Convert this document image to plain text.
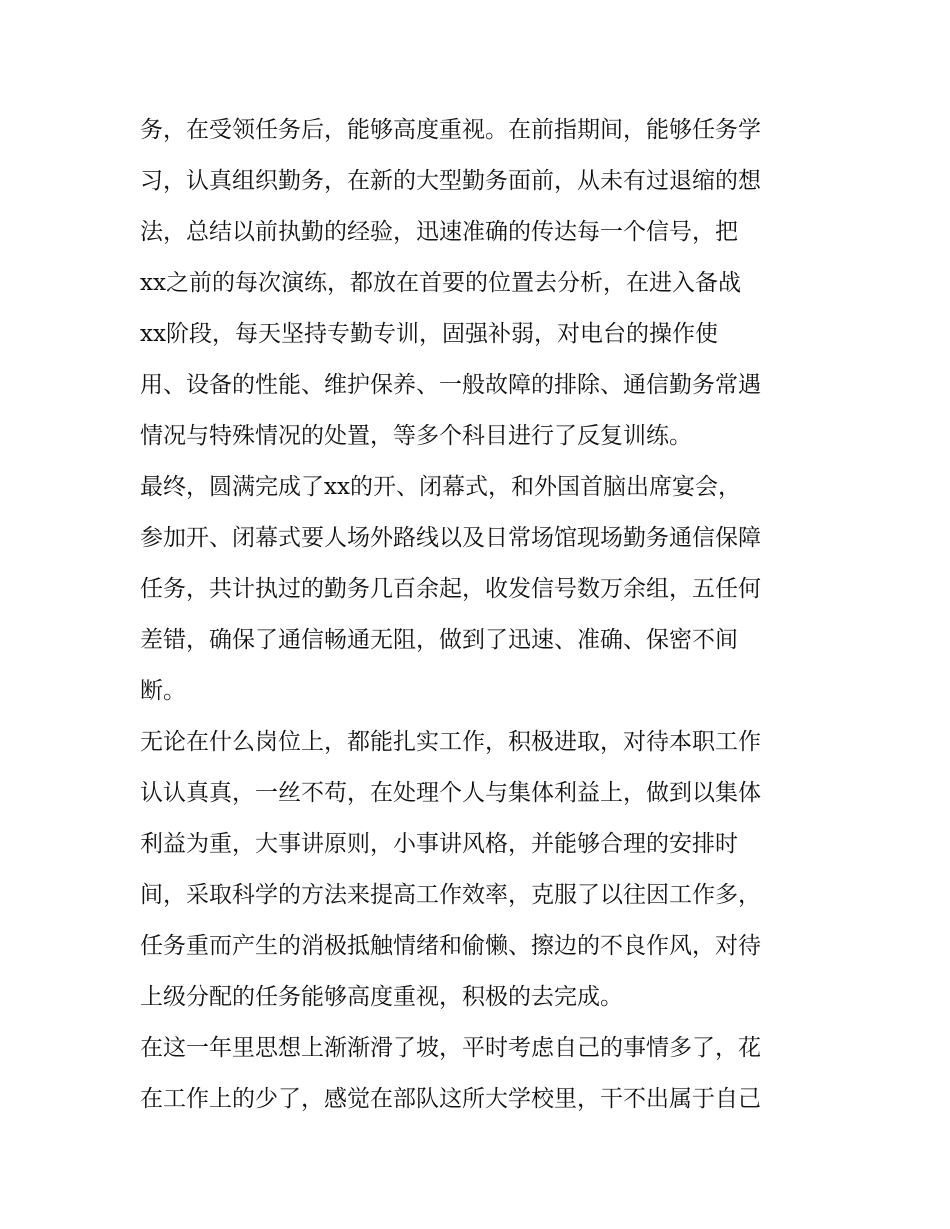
务，在受领任务后，能够高度重视。在前指期间，能够任务学
习，认真组织勤务，在新的大型勤务面前，从未有过退缩的想
法，总结以前执勤的经验，迅速准确的传达每一个信号，把
xx之前的每次演练，都放在首要的位置去分析，在进入备战
xx阶段，每天坚持专勤专训，固强补弱，对电台的操作使
用、设备的性能、维护保养、一般故障的排除、通信勤务常遇
情况与特殊情况的处置，等多个科目进行了反复训练。
最终，圆满完成了xx的开、闭幕式，和外国首脑出席宴会，
参加开、闭幕式要人场外路线以及日常场馆现场勤务通信保障
任务，共计执过的勤务几百余起，收发信号数万余组，五任何
差错，确保了通信畅通无阻，做到了迅速、准确、保密不间
断。
无论在什么岗位上，都能扎实工作，积极进取，对待本职工作
认认真真，一丝不苟，在处理个人与集体利益上，做到以集体
利益为重，大事讲原则，小事讲风格，并能够合理的安排时
间，采取科学的方法来提高工作效率，克服了以往因工作多，
任务重而产生的消极抵触情绪和偷懒、擦边的不良作风，对待
上级分配的任务能够高度重视，积极的去完成。
在这一年里思想上渐渐滑了坡，平时考虑自己的事情多了，花
在工作上的少了，感觉在部队这所大学校里，干不出属于自己
